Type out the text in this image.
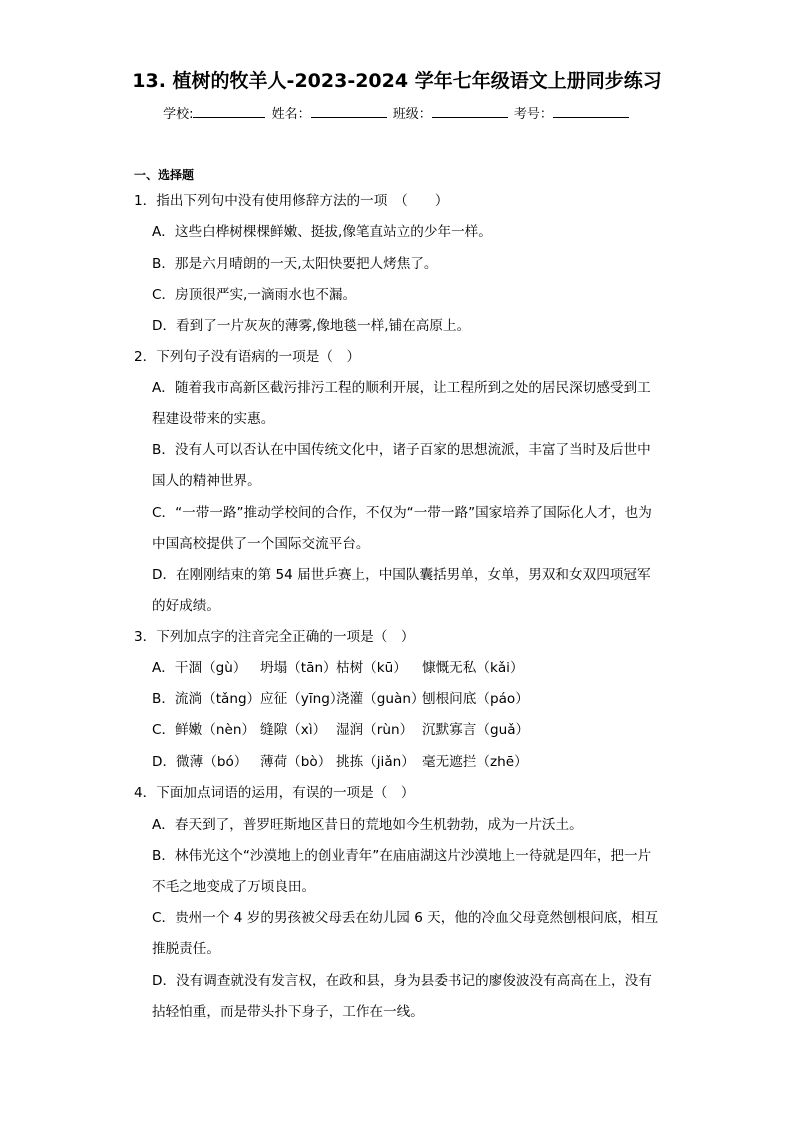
13. 植树的牧羊人-2023-2024 学年七年级语文上册同步练习
学校:	姓名：	班级：	考号：
一、选择题
1．指出下列句中没有使用修辞方法的一项　（　　）
A．这些白桦树棵棵鲜嫩、挺拔,像笔直站立的少年一样。
B．那是六月晴朗的一天,太阳快要把人烤焦了。
C．房顶很严实,一滴雨水也不漏。
D．看到了一片灰灰的薄雾,像地毯一样,铺在高原上。
2．下列句子没有语病的一项是（　）
A．随着我市高新区截污排污工程的顺利开展，让工程所到之处的居民深切感受到工
程建设带来的实惠。
B．没有人可以否认在中国传统文化中，诸子百家的思想流派，丰富了当时及后世中
国人的精神世界。
C．“一带一路”推动学校间的合作，不仅为“一带一路”国家培养了国际化人才，也为
中国高校提供了一个国际交流平台。
D．在刚刚结束的第 54 届世乒赛上，中国队囊括男单，女单，男双和女双四项冠军
的好成绩。
3．下列加点字的注音完全正确的一项是（　）
A．干涸（gù） 坍塌（tān）枯树（kū） 慷慨无私（kǎi）
B．流淌（tǎng）应征（yīng）浇灌（guàn）刨根问底（páo）
C．鲜嫩（nèn） 缝隙（xì） 湿润（rùn） 沉默寡言（guǎ）
D．微薄（bó） 薄荷（bò） 挑拣（jiǎn） 毫无遮拦（zhē）
4．下面加点词语的运用，有误的一项是（　）
A．春天到了，普罗旺斯地区昔日的荒地如今生机勃勃，成为一片沃土。
B．林伟光这个“沙漠地上的创业青年”在庙庙湖这片沙漠地上一待就是四年，把一片
不毛之地变成了万顷良田。
C．贵州一个 4 岁的男孩被父母丢在幼儿园 6 天，他的冷血父母竟然刨根问底，相互
推脱责任。
D．没有调查就没有发言权，在政和县，身为县委书记的廖俊波没有高高在上，没有
拈轻怕重，而是带头扑下身子，工作在一线。
